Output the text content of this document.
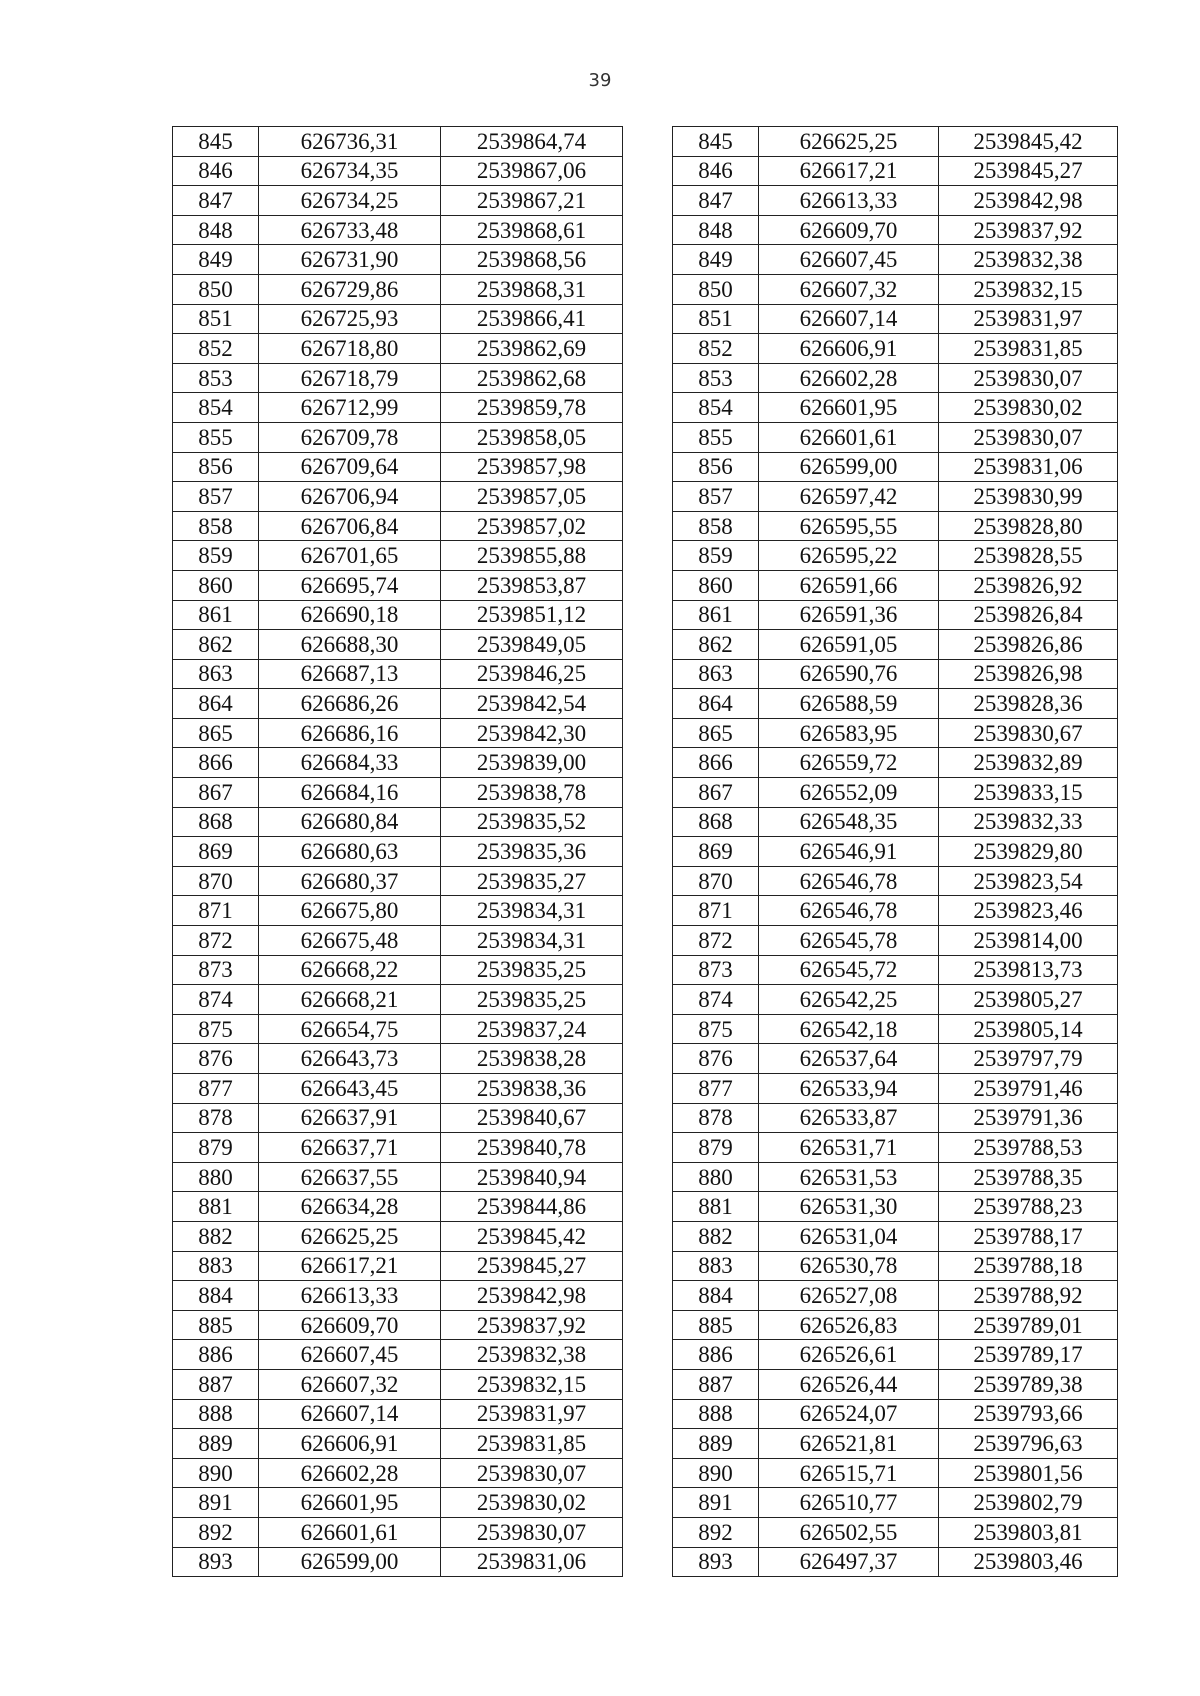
39
845	626736,31	2539864,74		845	626625,25	2539845,42
846	626734,35	2539867,06		846	626617,21	2539845,27
847	626734,25	2539867,21		847	626613,33	2539842,98
848	626733,48	2539868,61		848	626609,70	2539837,92
849	626731,90	2539868,56		849	626607,45	2539832,38
850	626729,86	2539868,31		850	626607,32	2539832,15
851	626725,93	2539866,41		851	626607,14	2539831,97
852	626718,80	2539862,69		852	626606,91	2539831,85
853	626718,79	2539862,68		853	626602,28	2539830,07
854	626712,99	2539859,78		854	626601,95	2539830,02
855	626709,78	2539858,05		855	626601,61	2539830,07
856	626709,64	2539857,98		856	626599,00	2539831,06
857	626706,94	2539857,05		857	626597,42	2539830,99
858	626706,84	2539857,02		858	626595,55	2539828,80
859	626701,65	2539855,88		859	626595,22	2539828,55
860	626695,74	2539853,87		860	626591,66	2539826,92
861	626690,18	2539851,12		861	626591,36	2539826,84
862	626688,30	2539849,05		862	626591,05	2539826,86
863	626687,13	2539846,25		863	626590,76	2539826,98
864	626686,26	2539842,54		864	626588,59	2539828,36
865	626686,16	2539842,30		865	626583,95	2539830,67
866	626684,33	2539839,00		866	626559,72	2539832,89
867	626684,16	2539838,78		867	626552,09	2539833,15
868	626680,84	2539835,52		868	626548,35	2539832,33
869	626680,63	2539835,36		869	626546,91	2539829,80
870	626680,37	2539835,27		870	626546,78	2539823,54
871	626675,80	2539834,31		871	626546,78	2539823,46
872	626675,48	2539834,31		872	626545,78	2539814,00
873	626668,22	2539835,25		873	626545,72	2539813,73
874	626668,21	2539835,25		874	626542,25	2539805,27
875	626654,75	2539837,24		875	626542,18	2539805,14
876	626643,73	2539838,28		876	626537,64	2539797,79
877	626643,45	2539838,36		877	626533,94	2539791,46
878	626637,91	2539840,67		878	626533,87	2539791,36
879	626637,71	2539840,78		879	626531,71	2539788,53
880	626637,55	2539840,94		880	626531,53	2539788,35
881	626634,28	2539844,86		881	626531,30	2539788,23
882	626625,25	2539845,42		882	626531,04	2539788,17
883	626617,21	2539845,27		883	626530,78	2539788,18
884	626613,33	2539842,98		884	626527,08	2539788,92
885	626609,70	2539837,92		885	626526,83	2539789,01
886	626607,45	2539832,38		886	626526,61	2539789,17
887	626607,32	2539832,15		887	626526,44	2539789,38
888	626607,14	2539831,97		888	626524,07	2539793,66
889	626606,91	2539831,85		889	626521,81	2539796,63
890	626602,28	2539830,07		890	626515,71	2539801,56
891	626601,95	2539830,02		891	626510,77	2539802,79
892	626601,61	2539830,07		892	626502,55	2539803,81
893	626599,00	2539831,06		893	626497,37	2539803,46
